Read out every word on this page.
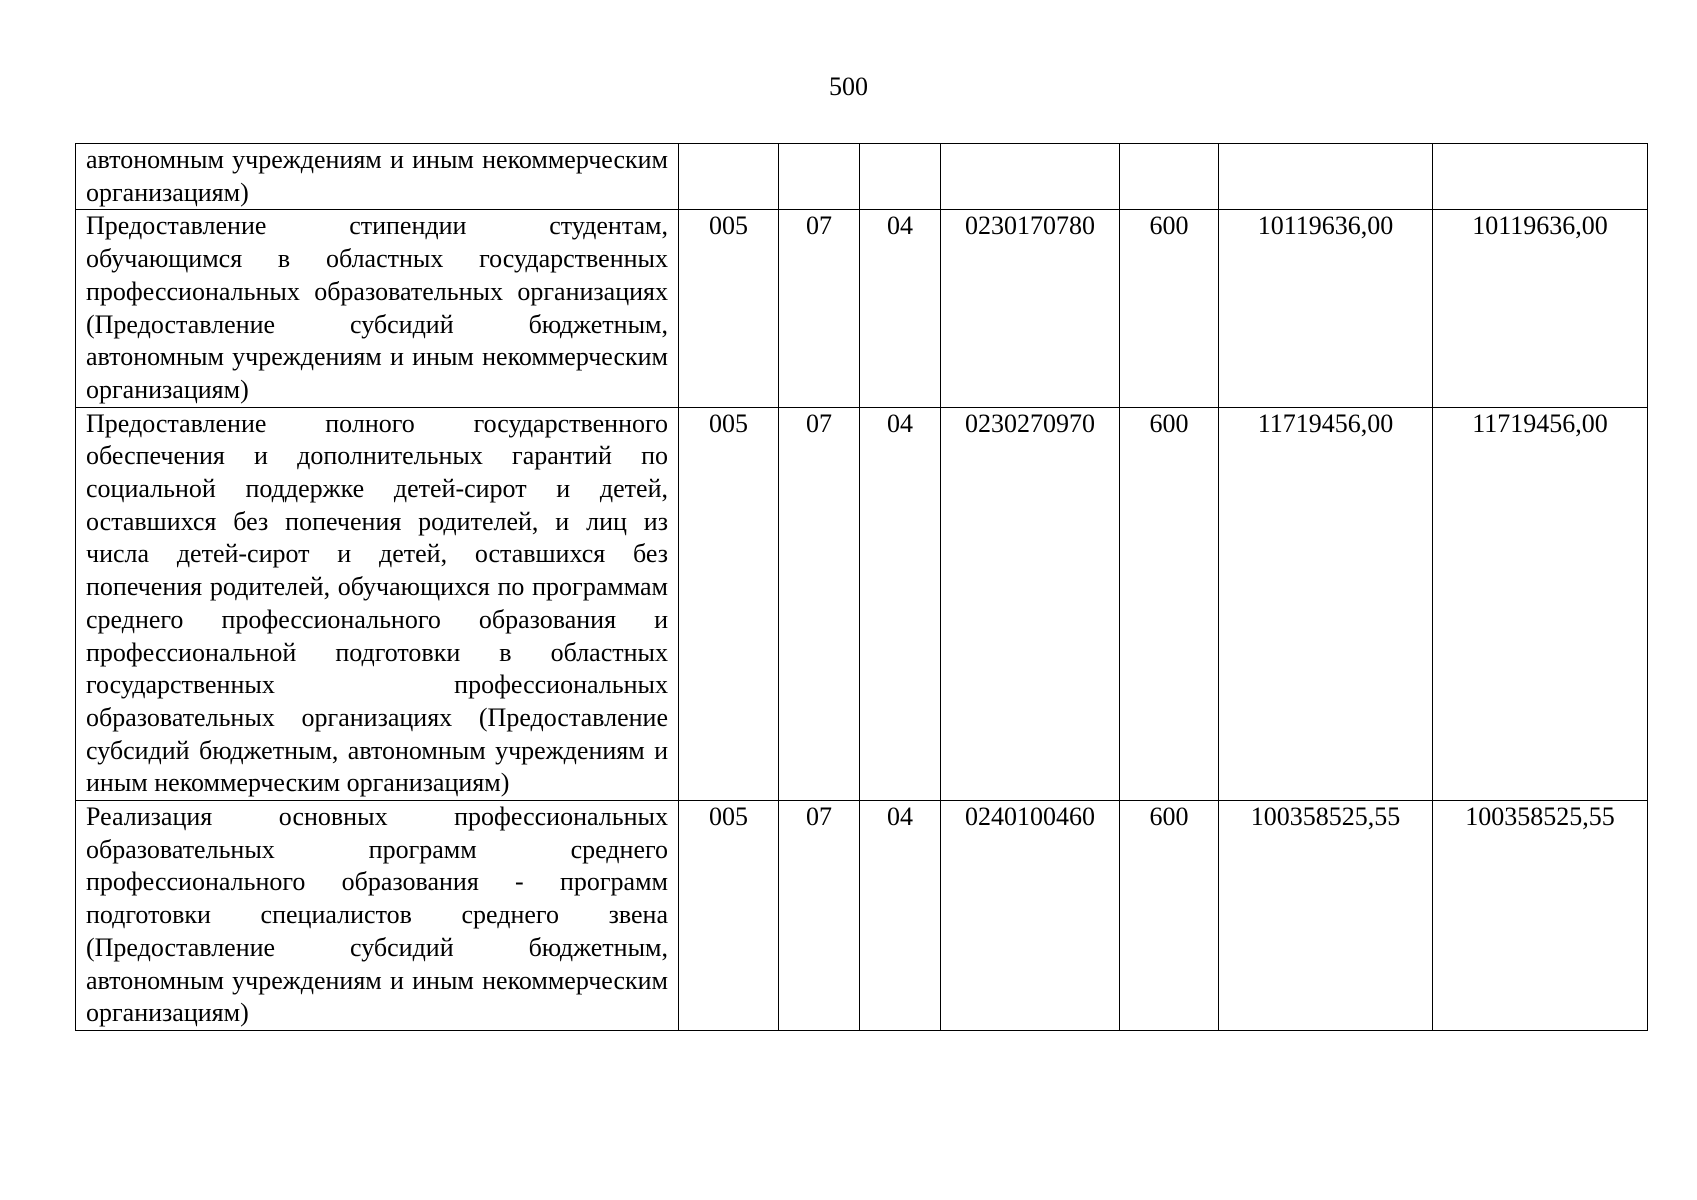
500
автономным учреждениям и иным некоммерческим организациям)							
Предоставление стипендии студентам, обучающимся в областных государственных профессиональных образовательных организациях (Предоставление субсидий бюджетным, автономным учреждениям и иным некоммерческим организациям)	005	07	04	0230170780	600	10119636,00	10119636,00
Предоставление полного государственного обеспечения и дополнительных гарантий по социальной поддержке детей-сирот и детей, оставшихся без попечения родителей, и лиц из числа детей-сирот и детей, оставшихся без попечения родителей, обучающихся по программам среднего профессионального образования и профессиональной подготовки в областных государственных профессиональных образовательных организациях (Предоставление субсидий бюджетным, автономным учреждениям и иным некоммерческим организациям)	005	07	04	0230270970	600	11719456,00	11719456,00
Реализация основных профессиональных образовательных программ среднего профессионального образования - программ подготовки специалистов среднего звена (Предоставление субсидий бюджетным, автономным учреждениям и иным некоммерческим организациям)	005	07	04	0240100460	600	100358525,55	100358525,55
